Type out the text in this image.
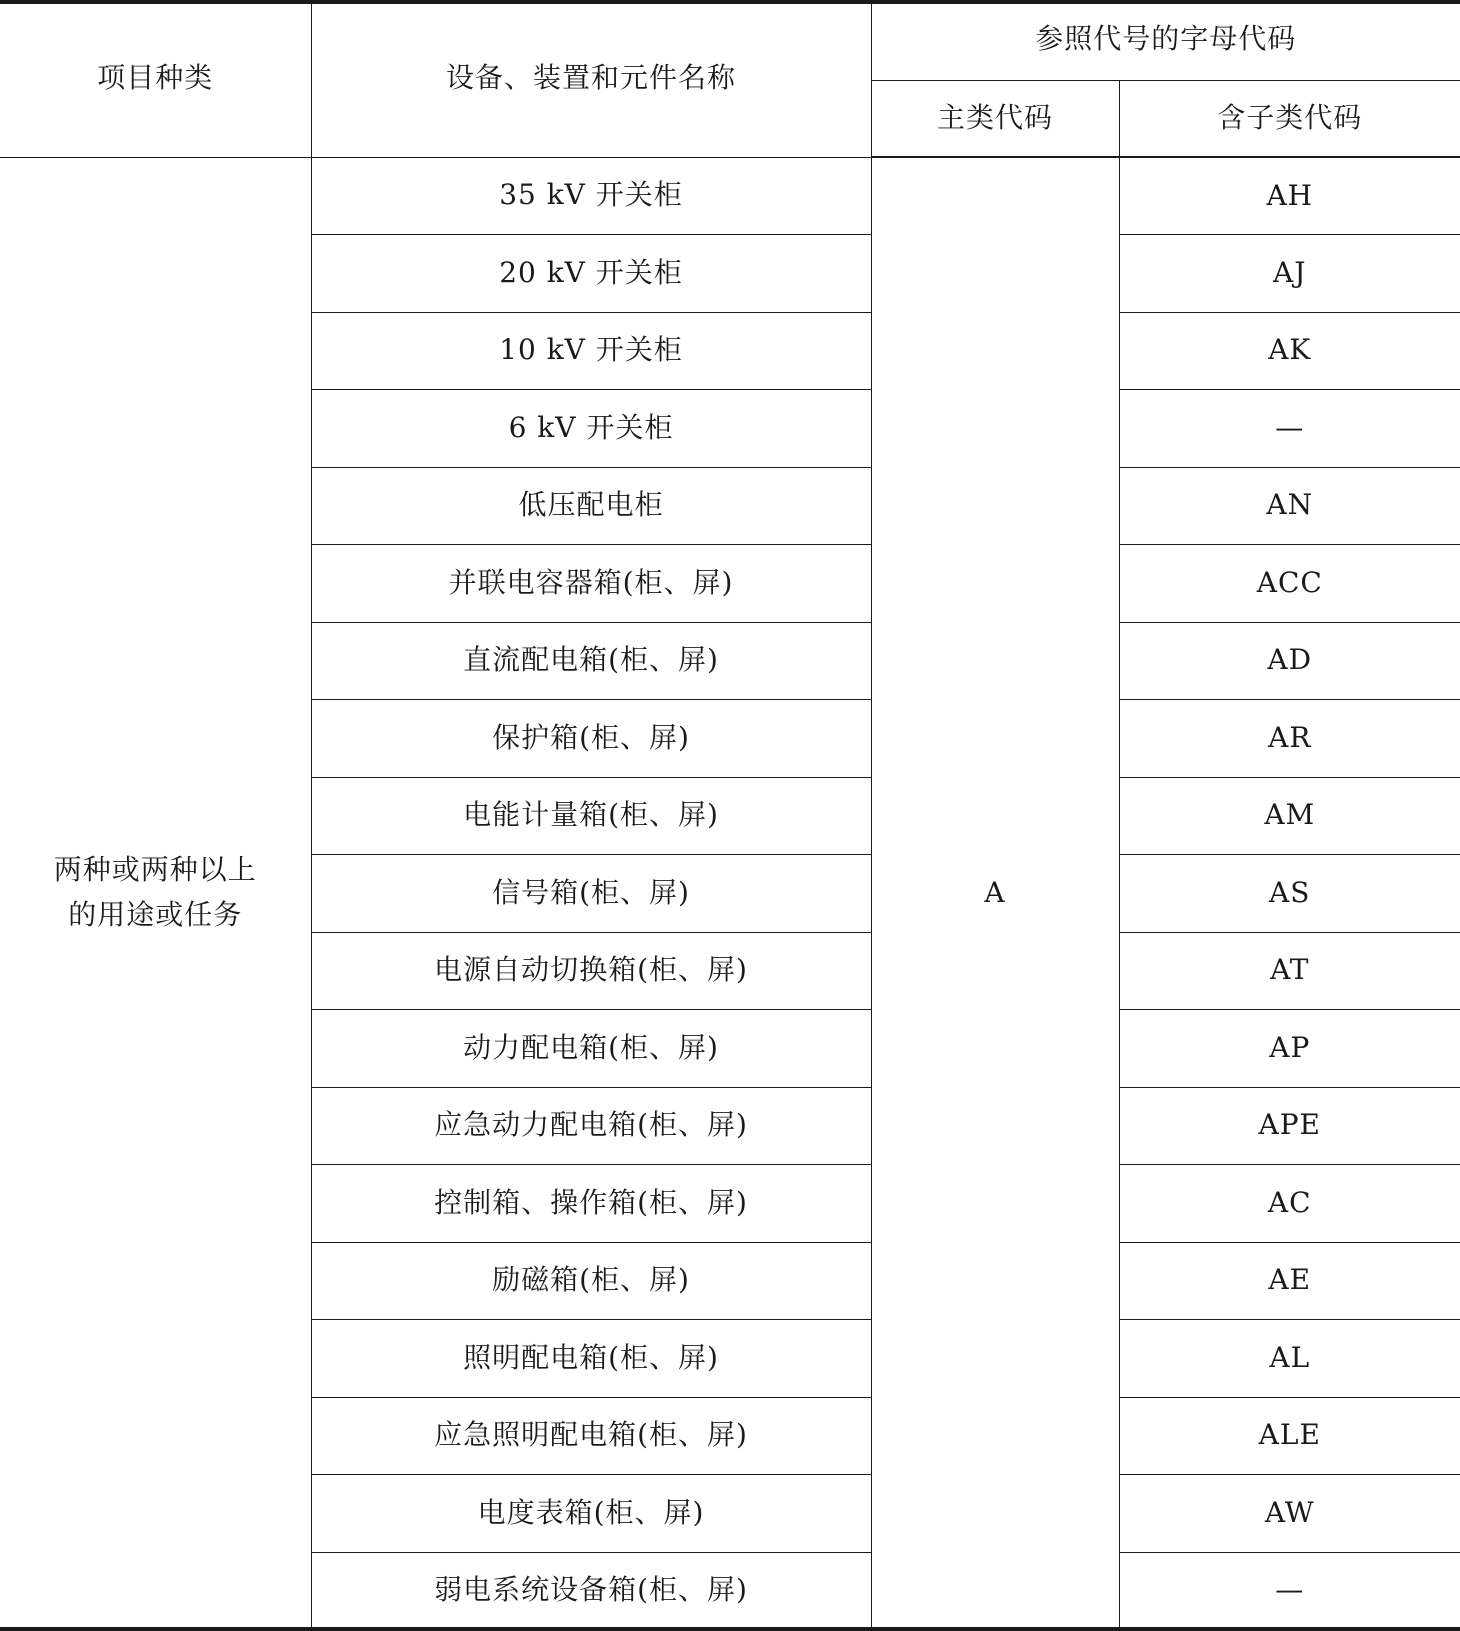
项目种类	设备、装置和元件名称	参照代号的字母代码	
		主类代码	含子类代码

两种或两种以上
的用途或任务	35 kV 开关柜	A	AH
	20 kV 开关柜		AJ
	10 kV 开关柜		AK
	6 kV 开关柜		—
	低压配电柜		AN
	并联电容器箱(柜、屏)		ACC
	直流配电箱(柜、屏)		AD
	保护箱(柜、屏)		AR
	电能计量箱(柜、屏)		AM
	信号箱(柜、屏)		AS
	电源自动切换箱(柜、屏)		AT
	动力配电箱(柜、屏)		AP
	应急动力配电箱(柜、屏)		APE
	控制箱、操作箱(柜、屏)		AC
	励磁箱(柜、屏)		AE
	照明配电箱(柜、屏)		AL
	应急照明配电箱(柜、屏)		ALE
	电度表箱(柜、屏)		AW
	弱电系统设备箱(柜、屏)		—
